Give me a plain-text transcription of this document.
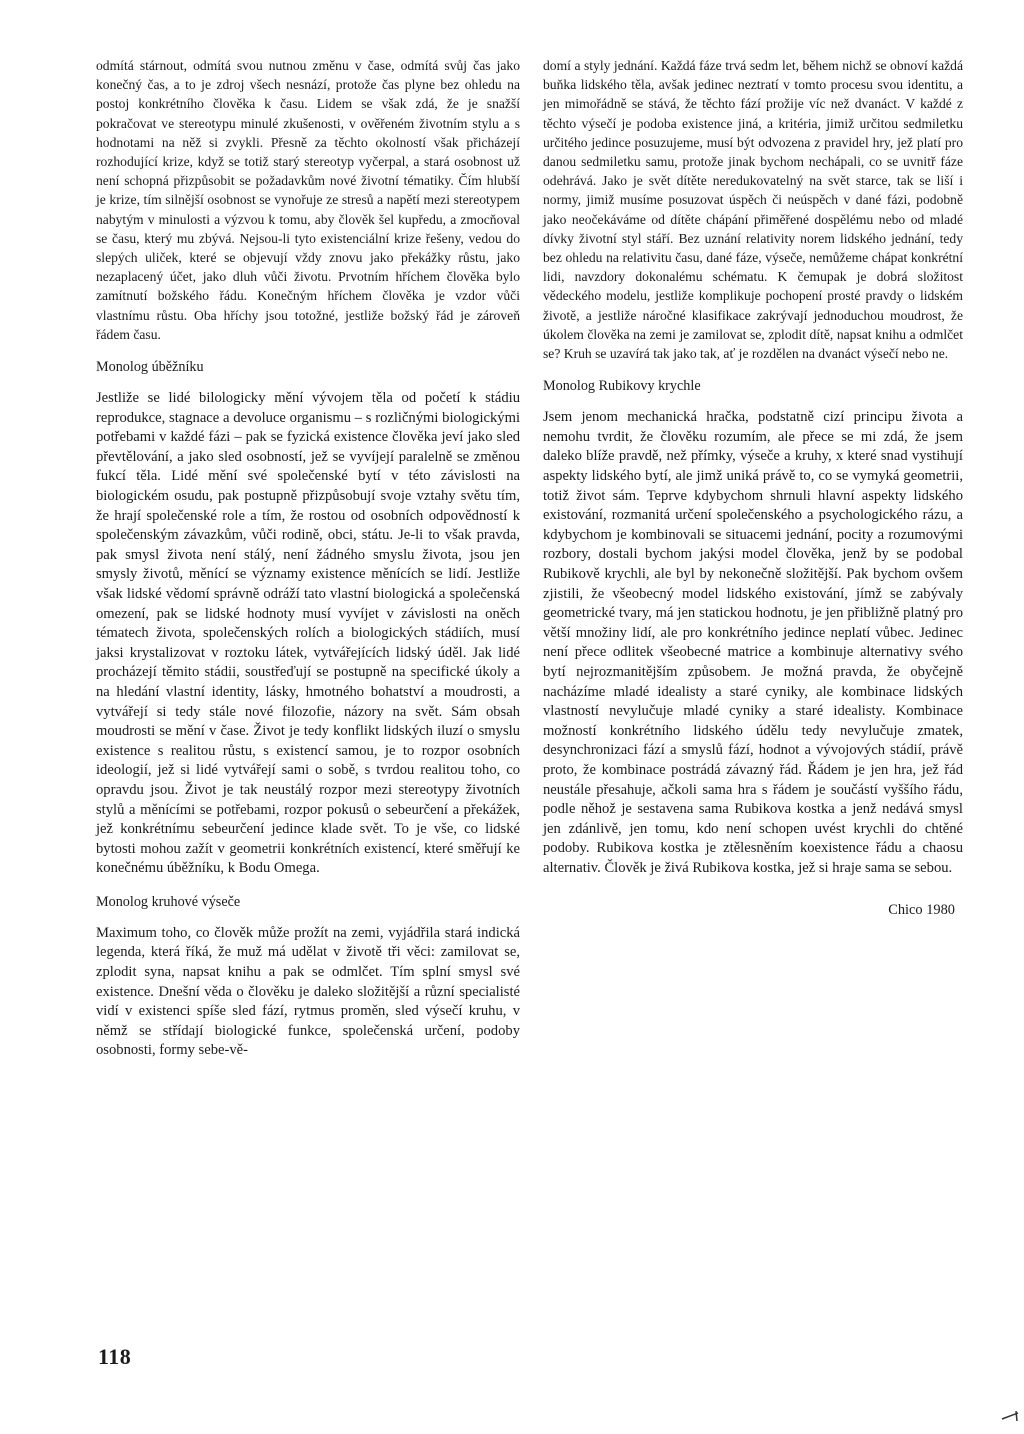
odmítá stárnout, odmítá svou nutnou změnu v čase, odmítá svůj čas jako konečný čas, a to je zdroj všech nesnází, protože čas plyne bez ohledu na postoj konkrétního člověka k času. Lidem se však zdá, že je snažší pokračovat ve stereotypu minulé zkušenosti, v ověřeném životním stylu a s hodnotami na něž si zvykli. Přesně za těchto okolností však přicházejí rozhodující krize, když se totiž starý stereotyp vyčerpal, a stará osobnost už není schopná přizpůsobit se požadavkům nové životní tématiky. Čím hlubší je krize, tím silnější osobnost se vynořuje ze stresů a napětí mezi stereotypem nabytým v minulosti a výzvou k tomu, aby člověk šel kupředu, a zmocňoval se času, který mu zbývá. Nejsou-li tyto existenciální krize řešeny, vedou do slepých uliček, které se objevují vždy znovu jako překážky růstu, jako nezaplacený účet, jako dluh vůči životu. Prvotním hříchem člověka bylo zamítnutí božského řádu. Konečným hříchem člověka je vzdor vůči vlastnímu růstu. Oba hříchy jsou totožné, jestliže božský řád je zároveň řádem času.

Monolog úběžníku

Jestliže se lidé bilologicky mění vývojem těla od početí k stádiu reprodukce, stagnace a devoluce organismu – s rozličnými biologickými potřebami v každé fázi – pak se fyzická existence člověka jeví jako sled převtělování, a jako sled osobností, jež se vyvíjejí paralelně se změnou fukcí těla. Lidé mění své společenské bytí v této závislosti na biologickém osudu, pak postupně přizpůsobují svoje vztahy světu tím, že hrají společenské role a tím, že rostou od osobních odpovědností k společenským závazkům, vůči rodině, obci, státu. Je-li to však pravda, pak smysl života není stálý, není žádného smyslu života, jsou jen smysly životů, měnící se významy existence měnících se lidí. Jestliže však lidské vědomí správně odráží tato vlastní biologická a společenská omezení, pak se lidské hodnoty musí vyvíjet v závislosti na oněch tématech života, společenských rolích a biologických stádiích, musí jaksi krystalizovat v roztoku látek, vytvářejících lidský úděl. Jak lidé procházejí těmito stádii, soustřeďují se postupně na specifické úkoly a na hledání vlastní identity, lásky, hmotného bohatství a moudrosti, a vytvářejí si tedy stále nové filozofie, názory na svět. Sám obsah moudrosti se mění v čase. Život je tedy konflikt lidských iluzí o smyslu existence s realitou růstu, s existencí samou, je to rozpor osobních ideologií, jež si lidé vytvářejí sami o sobě, s tvrdou realitou toho, co opravdu jsou. Život je tak neustálý rozpor mezi stereotypy životních stylů a měnícími se potřebami, rozpor pokusů o sebeurčení a překážek, jež konkrétnímu sebeurčení jedince klade svět. To je vše, co lidské bytosti mohou zažít v geometrii konkrétních existencí, které směřují ke konečnému úběžníku, k Bodu Omega.

Monolog kruhové výseče

Maximum toho, co člověk může prožít na zemi, vyjádřila stará indická legenda, která říká, že muž má udělat v životě tři věci: zamilovat se, zplodit syna, napsat knihu a pak se odmlčet. Tím splní smysl své existence. Dnešní věda o člověku je daleko složitější a různí specialisté vidí v existenci spíše sled fází, rytmus proměn, sled výsečí kruhu, v němž se střídají biologické funkce, společenská určení, podoby osobnosti, formy sebe-vě-

domí a styly jednání. Každá fáze trvá sedm let, během nichž se obnoví každá buňka lidského těla, avšak jedinec neztratí v tomto procesu svou identitu, a jen mimořádně se stává, že těchto fází prožije víc než dvanáct. V každé z těchto výsečí je podoba existence jiná, a kritéria, jimiž určitou sedmiletku určitého jedince posuzujeme, musí být odvozena z pravidel hry, jež platí pro danou sedmiletku samu, protože jinak bychom nechápali, co se uvnitř fáze odehrává. Jako je svět dítěte neredukovatelný na svět starce, tak se liší i normy, jimiž musíme posuzovat úspěch či neúspěch v dané fázi, podobně jako neočekáváme od dítěte chápání přiměřené dospělému nebo od mladé dívky životní styl stáří. Bez uznání relativity norem lidského jednání, tedy bez ohledu na relativitu času, dané fáze, výseče, nemůžeme chápat konkrétní lidi, navzdory dokonalému schématu. K čemupak je dobrá složitost vědeckého modelu, jestliže komplikuje pochopení prosté pravdy o lidském životě, a jestliže náročné klasifikace zakrývají jednoduchou moudrost, že úkolem člověka na zemi je zamilovat se, zplodit dítě, napsat knihu a odmlčet se? Kruh se uzavírá tak jako tak, ať je rozdělen na dvanáct výsečí nebo ne.

Monolog Rubikovy krychle

Jsem jenom mechanická hračka, podstatně cizí principu života a nemohu tvrdit, že člověku rozumím, ale přece se mi zdá, že jsem daleko blíže pravdě, než přímky, výseče a kruhy, x které snad vystihují aspekty lidského bytí, ale jimž uniká právě to, co se vymyká geometrii, totiž život sám. Teprve kdybychom shrnuli hlavní aspekty lidského existování, rozmanitá určení společenského a psychologického rázu, a kdybychom je kombinovali se situacemi jednání, pocity a rozumovými rozbory, dostali bychom jakýsi model člověka, jenž by se podobal Rubikově krychli, ale byl by nekonečně složitější. Pak bychom ovšem zjistili, že všeobecný model lidského existování, jímž se zabývaly geometrické tvary, má jen statickou hodnotu, je jen přibližně platný pro větší množiny lidí, ale pro konkrétního jedince neplatí vůbec. Jedinec není přece odlitek všeobecné matrice a kombinuje alternativy svého bytí nejrozmanitějším způsobem. Je možná pravda, že obyčejně nacházíme mladé idealisty a staré cyniky, ale kombinace lidských vlastností nevylučuje mladé cyniky a staré idealisty. Kombinace možností konkrétního lidského údělu tedy nevylučuje zmatek, desynchronizaci fází a smyslů fází, hodnot a vývojových stádií, právě proto, že kombinace postrádá závazný řád. Řádem je jen hra, jež řád neustále přesahuje, ačkoli sama hra s řádem je součástí vyššího řádu, podle něhož je sestavena sama Rubikova kostka a jenž nedává smysl jen zdánlivě, jen tomu, kdo není schopen uvést krychli do chtěné podoby. Rubikova kostka je ztělesněním koexistence řádu a chaosu alternativ. Člověk je živá Rubikova kostka, jež si hraje sama se sebou.

Chico 1980
118
